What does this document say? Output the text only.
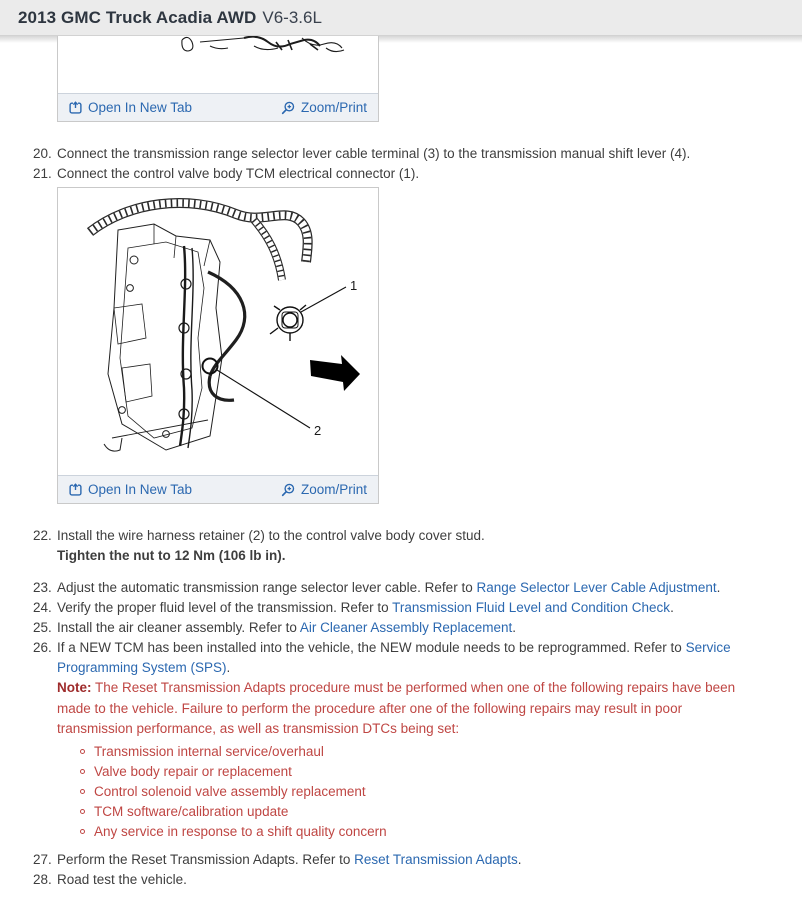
2013 GMC Truck Acadia AWD V6-3.6L
Open In New Tab	Zoom/Print
20. Connect the transmission range selector lever cable terminal (3) to the transmission manual shift lever (4).
21. Connect the control valve body TCM electrical connector (1).
1
2
Open In New Tab	Zoom/Print
22. Install the wire harness retainer (2) to the control valve body cover stud.
Tighten the nut to 12 Nm (106 lb in).
23. Adjust the automatic transmission range selector lever cable. Refer to Range Selector Lever Cable Adjustment.
24. Verify the proper fluid level of the transmission. Refer to Transmission Fluid Level and Condition Check.
25. Install the air cleaner assembly. Refer to Air Cleaner Assembly Replacement.
26. If a NEW TCM has been installed into the vehicle, the NEW module needs to be reprogrammed. Refer to Service Programming System (SPS).
Note: The Reset Transmission Adapts procedure must be performed when one of the following repairs have been made to the vehicle. Failure to perform the procedure after one of the following repairs may result in poor transmission performance, as well as transmission DTCs being set:
Transmission internal service/overhaul
Valve body repair or replacement
Control solenoid valve assembly replacement
TCM software/calibration update
Any service in response to a shift quality concern
27. Perform the Reset Transmission Adapts. Refer to Reset Transmission Adapts.
28. Road test the vehicle.
